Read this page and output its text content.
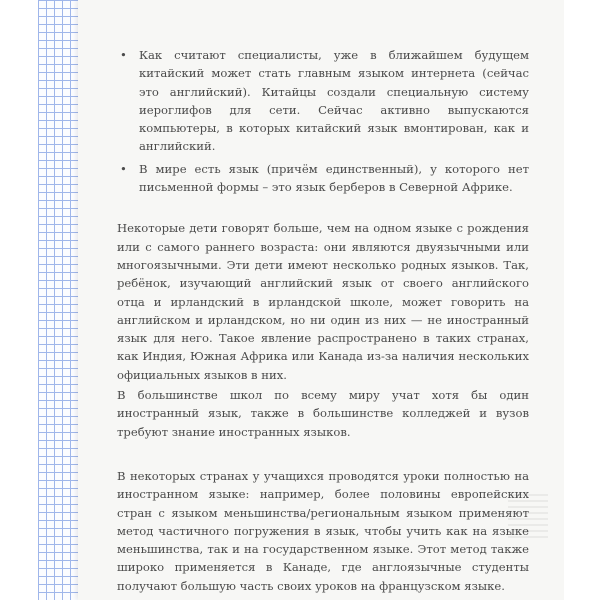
• Как считают специалисты, уже в ближайшем будущем китайский может стать главным языком интернета (сейчас это английский). Китайцы создали специальную систему иероглифов для сети. Сейчас активно выпускаются компьютеры, в которых китайский язык вмонтирован, как и английский.
• В мире есть язык (причём единственный), у которого нет письменной формы – это язык берберов в Северной Африке.

Некоторые дети говорят больше, чем на одном языке с рождения или с самого раннего возраста: они являются двуязычными или многоязычными. Эти дети имеют несколько родных языков. Так, ребёнок, изучающий английский язык от своего английского отца и ирландский в ирландской школе, может говорить на английском и ирландском, но ни один из них — не иностранный язык для него. Такое явление распространено в таких странах, как Индия, Южная Африка или Канада из-за наличия нескольких официальных языков в них.

В большинстве школ по всему миру учат хотя бы один иностранный язык, также в большинстве колледжей и вузов требуют знание иностранных языков.

В некоторых странах у учащихся проводятся уроки полностью на иностранном языке: например, более половины европейских стран с языком меньшинства/региональным языком применяют метод частичного погружения в язык, чтобы учить как на языке меньшинства, так и на государственном языке. Этот метод также широко применяется в Канаде, где англоязычные студенты получают большую часть своих уроков на французском языке.
